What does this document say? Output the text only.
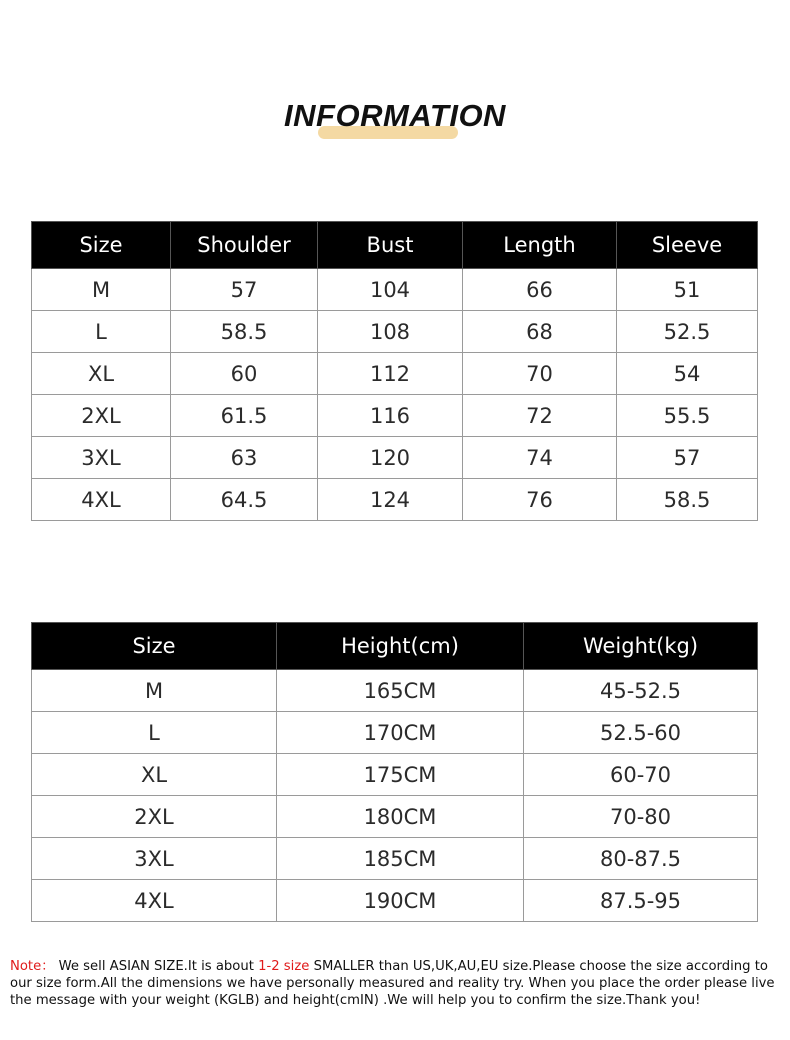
INFORMATION
Size	Shoulder	Bust	Length	Sleeve
M	57	104	66	51
L	58.5	108	68	52.5
XL	60	112	70	54
2XL	61.5	116	72	55.5
3XL	63	120	74	57
4XL	64.5	124	76	58.5
Size	Height(cm)	Weight(kg)
M	165CM	45-52.5
L	170CM	52.5-60
XL	175CM	60-70
2XL	180CM	70-80
3XL	185CM	80-87.5
4XL	190CM	87.5-95
Note： We sell ASIAN SIZE.It is about 1-2 size SMALLER than US,UK,AU,EU size.Please choose the size according to our size form.All the dimensions we have personally measured and reality try. When you place the order please live the message with your weight (KGLB) and height(cmIN) .We will help you to confirm the size.Thank you!
